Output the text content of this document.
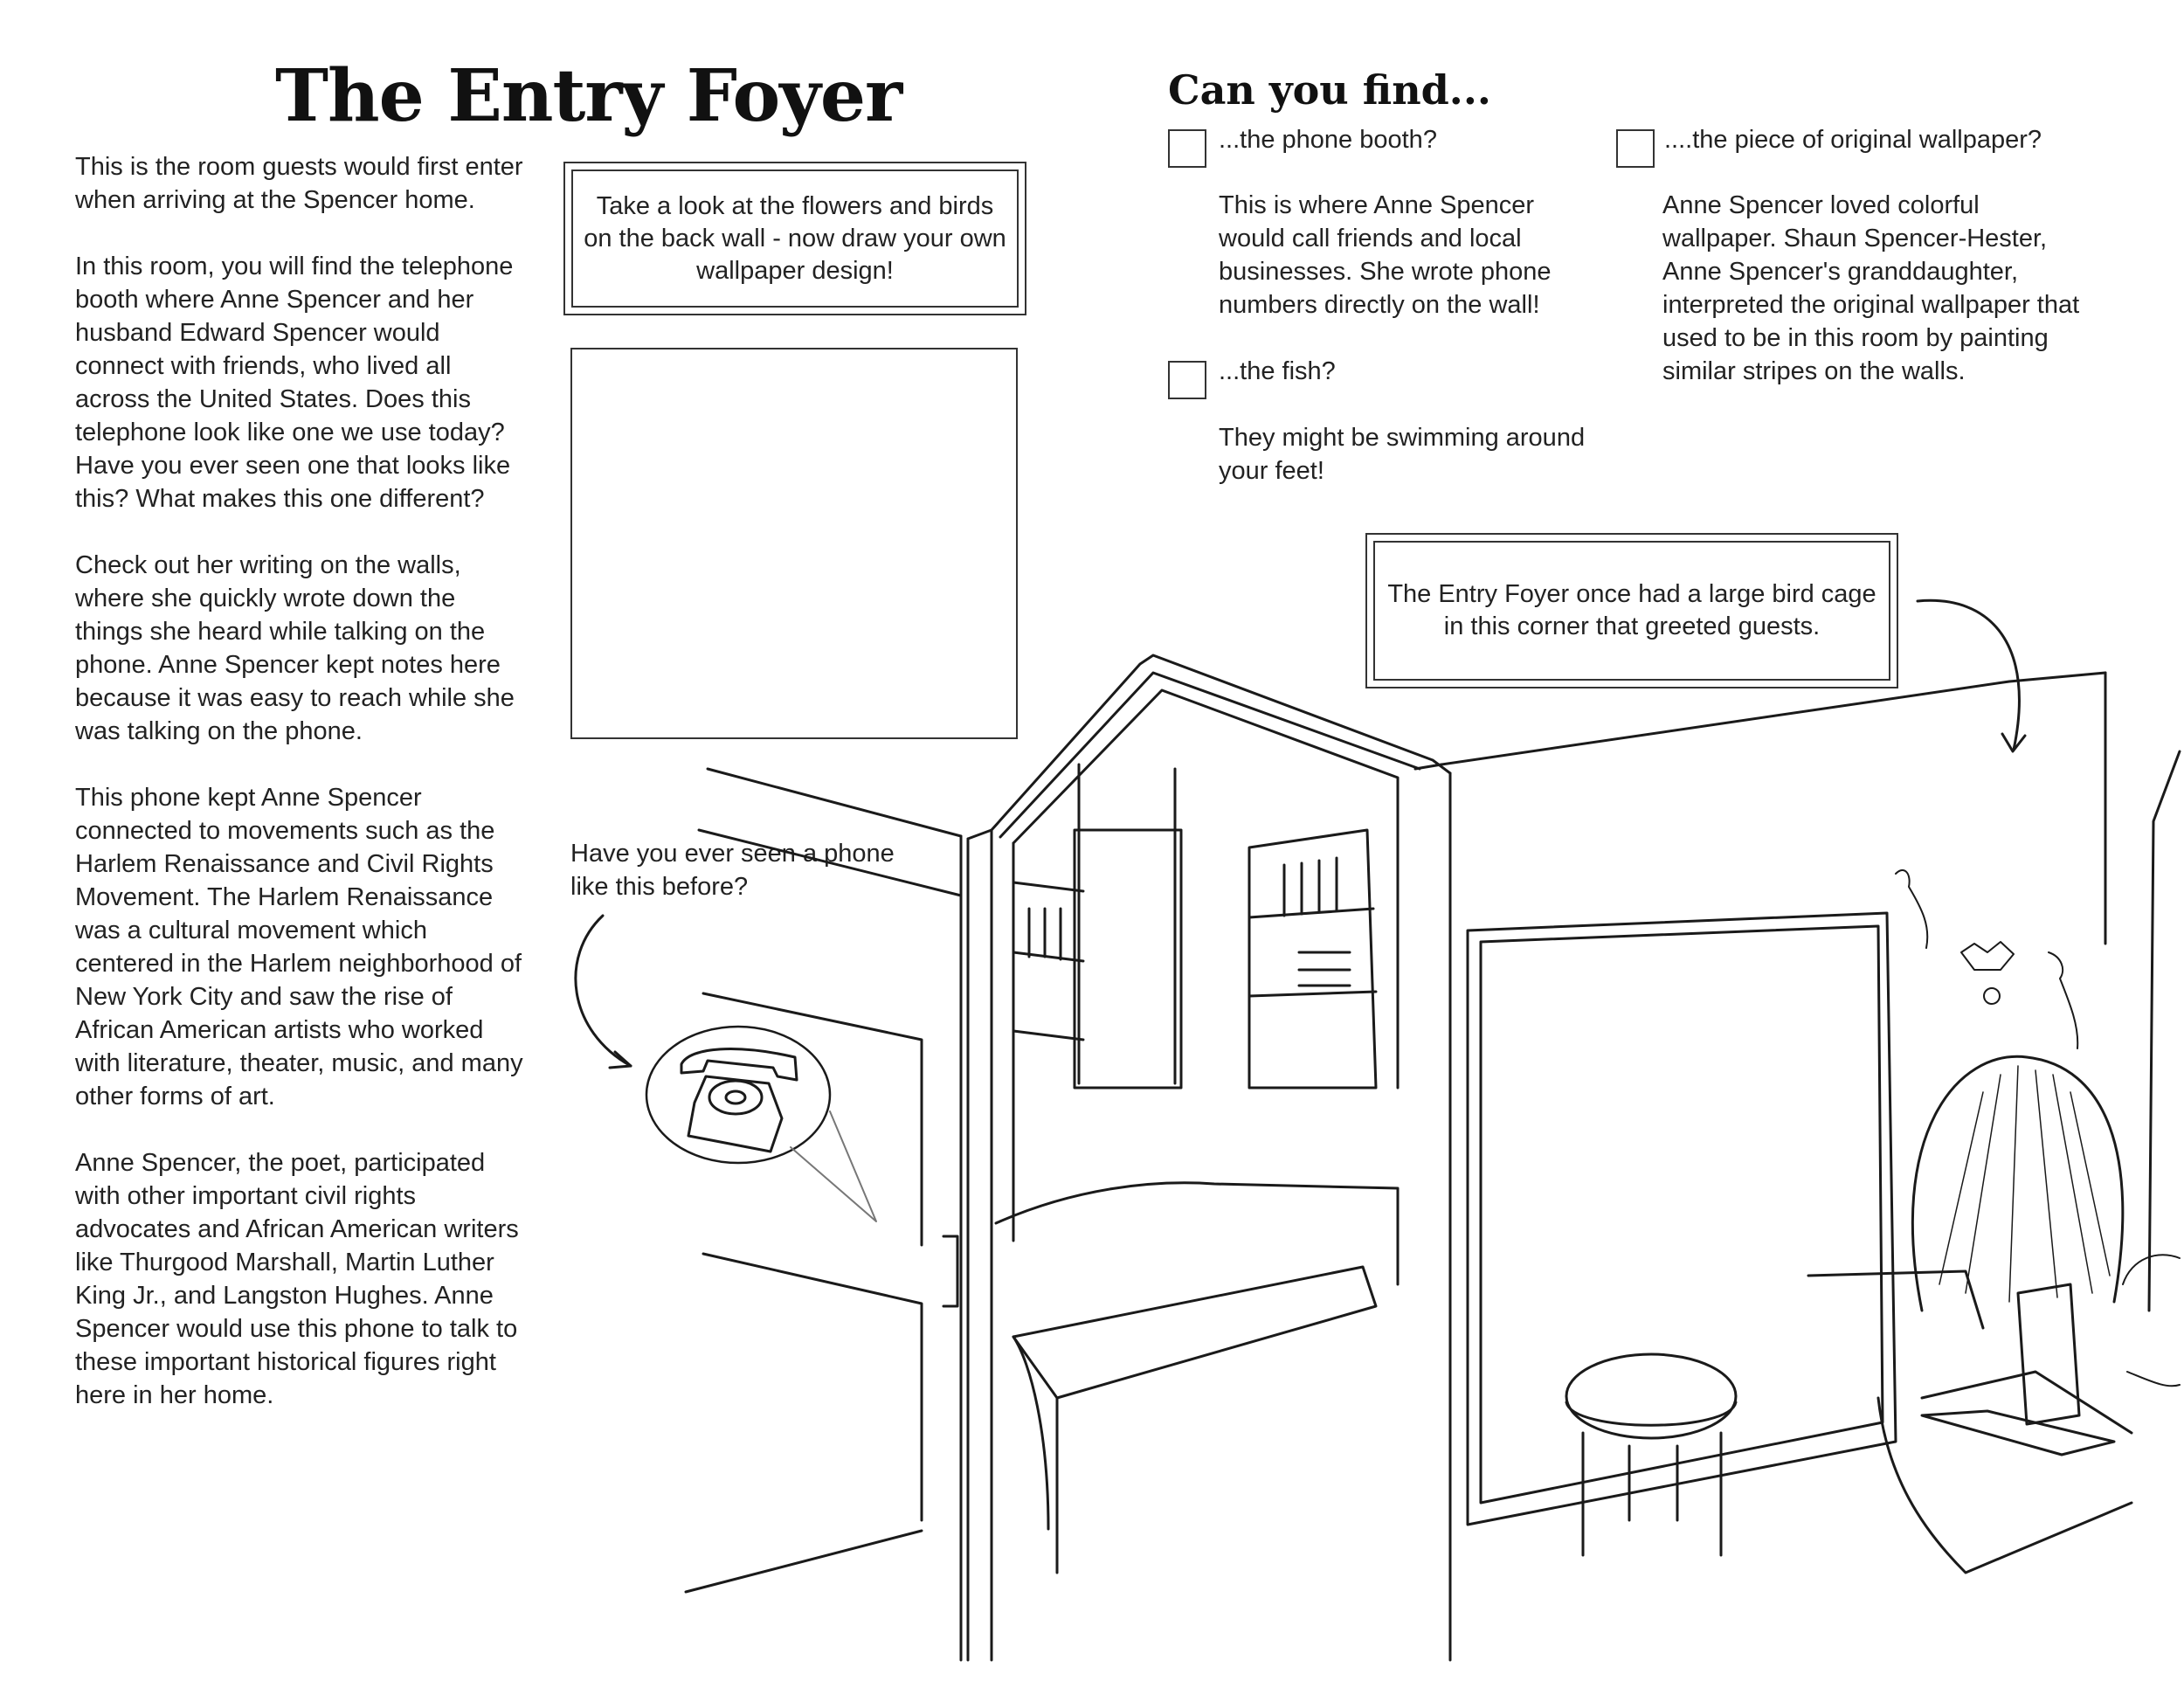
The Entry Foyer

This is the room guests would first enter when arriving at the Spencer home.

In this room, you will find the telephone booth where Anne Spencer and her husband Edward Spencer would connect with friends, who lived all across the United States. Does this telephone look like one we use today? Have you ever seen one that looks like this? What makes this one different?

Check out her writing on the walls, where she quickly wrote down the things she heard while talking on the phone. Anne Spencer kept notes here because it was easy to reach while she was talking on the phone.

This phone kept Anne Spencer connected to movements such as the Harlem Renaissance and Civil Rights Movement. The Harlem Renaissance was a cultural movement which centered in the Harlem neighborhood of New York City and saw the rise of African American artists who worked with literature, theater, music, and many other forms of art.

Anne Spencer, the poet, participated with other important civil rights advocates and African American writers like Thurgood Marshall, Martin Luther King Jr., and Langston Hughes. Anne Spencer would use this phone to talk to these important historical figures right here in her home.

Take a look at the flowers and birds on the back wall - now draw your own wallpaper design!
Can you find...
...the phone booth?
This is where Anne Spencer would call friends and local businesses. She wrote phone numbers directly on the wall!
...the fish?
They might be swimming around your feet!
....the piece of original wallpaper?
Anne Spencer loved colorful wallpaper. Shaun Spencer-Hester, Anne Spencer's granddaughter, interpreted the original wallpaper that used to be in this room by painting similar stripes on the walls.
The Entry Foyer once had a large bird cage in this corner that greeted guests.
Have you ever seen a phone like this before?
